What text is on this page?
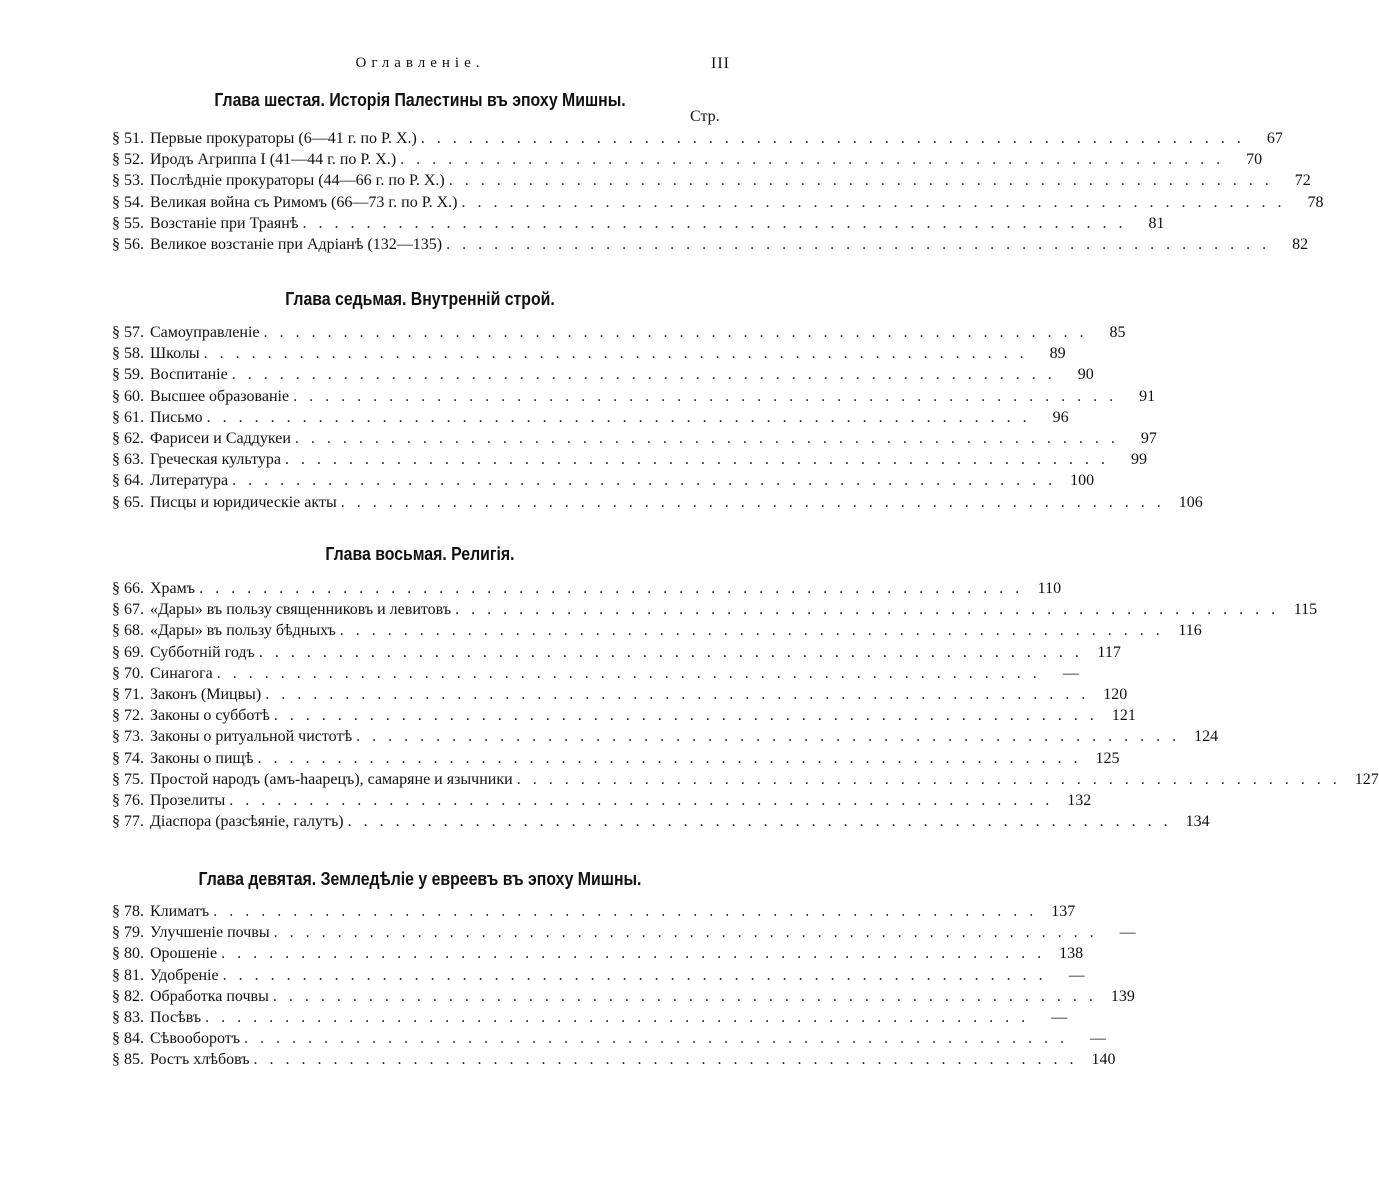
Оглавленіе.	III
Глава шестая. Исторія Палестины въ эпоху Мишны.
Стр.
§ 51. Первые прокураторы (6—41 г. по Р. Х.) . . . . . . . . . . . . . . . . . . . . . . . . . . . . . . . . . . . . . . . . . . . . . . . . . . . .	67
§ 52. Иродъ Агриппа I (41—44 г. по Р. Х.) . . . . . . . . . . . . . . . . . . . . . . . . . . . . . . . . . . . . . . . . . . . . . . . . . . . .	70
§ 53. Послѣдніе прокураторы (44—66 г. по Р. Х.) . . . . . . . . . . . . . . . . . . . . . . . . . . . . . . . . . . . . . . . . . . . . . . . . . . . .	72
§ 54. Великая война съ Римомъ (66—73 г. по Р. Х.) . . . . . . . . . . . . . . . . . . . . . . . . . . . . . . . . . . . . . . . . . . . . . . . . . . . .	78
§ 55. Возстаніе при Траянѣ . . . . . . . . . . . . . . . . . . . . . . . . . . . . . . . . . . . . . . . . . . . . . . . . . . . .	81
§ 56. Великое возстаніе при Адріанѣ (132—135) . . . . . . . . . . . . . . . . . . . . . . . . . . . . . . . . . . . . . . . . . . . . . . . . . . . .	82
Глава седьмая. Внутренній строй.
§ 57. Самоуправленіе . . . . . . . . . . . . . . . . . . . . . . . . . . . . . . . . . . . . . . . . . . . . . . . . . . . .	85
§ 58. Школы . . . . . . . . . . . . . . . . . . . . . . . . . . . . . . . . . . . . . . . . . . . . . . . . . . . .	89
§ 59. Воспитаніе . . . . . . . . . . . . . . . . . . . . . . . . . . . . . . . . . . . . . . . . . . . . . . . . . . . .	90
§ 60. Высшее образованіе . . . . . . . . . . . . . . . . . . . . . . . . . . . . . . . . . . . . . . . . . . . . . . . . . . . .	91
§ 61. Письмо . . . . . . . . . . . . . . . . . . . . . . . . . . . . . . . . . . . . . . . . . . . . . . . . . . . .	96
§ 62. Фарисеи и Саддукеи . . . . . . . . . . . . . . . . . . . . . . . . . . . . . . . . . . . . . . . . . . . . . . . . . . . .	97
§ 63. Греческая культура . . . . . . . . . . . . . . . . . . . . . . . . . . . . . . . . . . . . . . . . . . . . . . . . . . . .	99
§ 64. Литература . . . . . . . . . . . . . . . . . . . . . . . . . . . . . . . . . . . . . . . . . . . . . . . . . . . . 100
§ 65. Писцы и юридическіе акты . . . . . . . . . . . . . . . . . . . . . . . . . . . . . . . . . . . . . . . . . . . . . . . . . . . . 106
Глава восьмая. Религія.
§ 66. Храмъ . . . . . . . . . . . . . . . . . . . . . . . . . . . . . . . . . . . . . . . . . . . . . . . . . . . . 110
§ 67. «Дары» въ пользу священниковъ и левитовъ . . . . . . . . . . . . . . . . . . . . . . . . . . . . . . . . . . . . . . . . . . . . . . . . . . . . 115
§ 68. «Дары» въ пользу бѣдныхъ . . . . . . . . . . . . . . . . . . . . . . . . . . . . . . . . . . . . . . . . . . . . . . . . . . . . 116
§ 69. Субботній годъ . . . . . . . . . . . . . . . . . . . . . . . . . . . . . . . . . . . . . . . . . . . . . . . . . . . . 117
§ 70. Синагога . . . . . . . . . . . . . . . . . . . . . . . . . . . . . . . . . . . . . . . . . . . . . . . . . . . .	—
§ 71. Законъ (Мицвы) . . . . . . . . . . . . . . . . . . . . . . . . . . . . . . . . . . . . . . . . . . . . . . . . . . . . 120
§ 72. Законы о субботѣ . . . . . . . . . . . . . . . . . . . . . . . . . . . . . . . . . . . . . . . . . . . . . . . . . . . . 121
§ 73. Законы о ритуальной чистотѣ . . . . . . . . . . . . . . . . . . . . . . . . . . . . . . . . . . . . . . . . . . . . . . . . . . . . 124
§ 74. Законы о пищѣ . . . . . . . . . . . . . . . . . . . . . . . . . . . . . . . . . . . . . . . . . . . . . . . . . . . . 125
§ 75. Простой народъ (амъ-һаарецъ), самаряне и язычники . . . . . . . . . . . . . . . . . . . . . . . . . . . . . . . . . . . . . . . . . . . . . . . . . . . . 127
§ 76. Прозелиты . . . . . . . . . . . . . . . . . . . . . . . . . . . . . . . . . . . . . . . . . . . . . . . . . . . . 132
§ 77. Діаспора (разсѣяніе, галутъ) . . . . . . . . . . . . . . . . . . . . . . . . . . . . . . . . . . . . . . . . . . . . . . . . . . . . 134
Глава девятая. Земледѣліе у евреевъ въ эпоху Мишны.
§ 78. Климатъ . . . . . . . . . . . . . . . . . . . . . . . . . . . . . . . . . . . . . . . . . . . . . . . . . . . . 137
§ 79. Улучшеніе почвы . . . . . . . . . . . . . . . . . . . . . . . . . . . . . . . . . . . . . . . . . . . . . . . . . . . .	—
§ 80. Орошеніе . . . . . . . . . . . . . . . . . . . . . . . . . . . . . . . . . . . . . . . . . . . . . . . . . . . . 138
§ 81. Удобреніе . . . . . . . . . . . . . . . . . . . . . . . . . . . . . . . . . . . . . . . . . . . . . . . . . . . .	—
§ 82. Обработка почвы . . . . . . . . . . . . . . . . . . . . . . . . . . . . . . . . . . . . . . . . . . . . . . . . . . . . 139
§ 83. Посѣвъ . . . . . . . . . . . . . . . . . . . . . . . . . . . . . . . . . . . . . . . . . . . . . . . . . . . .	—
§ 84. Сѣвооборотъ . . . . . . . . . . . . . . . . . . . . . . . . . . . . . . . . . . . . . . . . . . . . . . . . . . . .	—
§ 85. Ростъ хлѣбовъ . . . . . . . . . . . . . . . . . . . . . . . . . . . . . . . . . . . . . . . . . . . . . . . . . . . . 140
